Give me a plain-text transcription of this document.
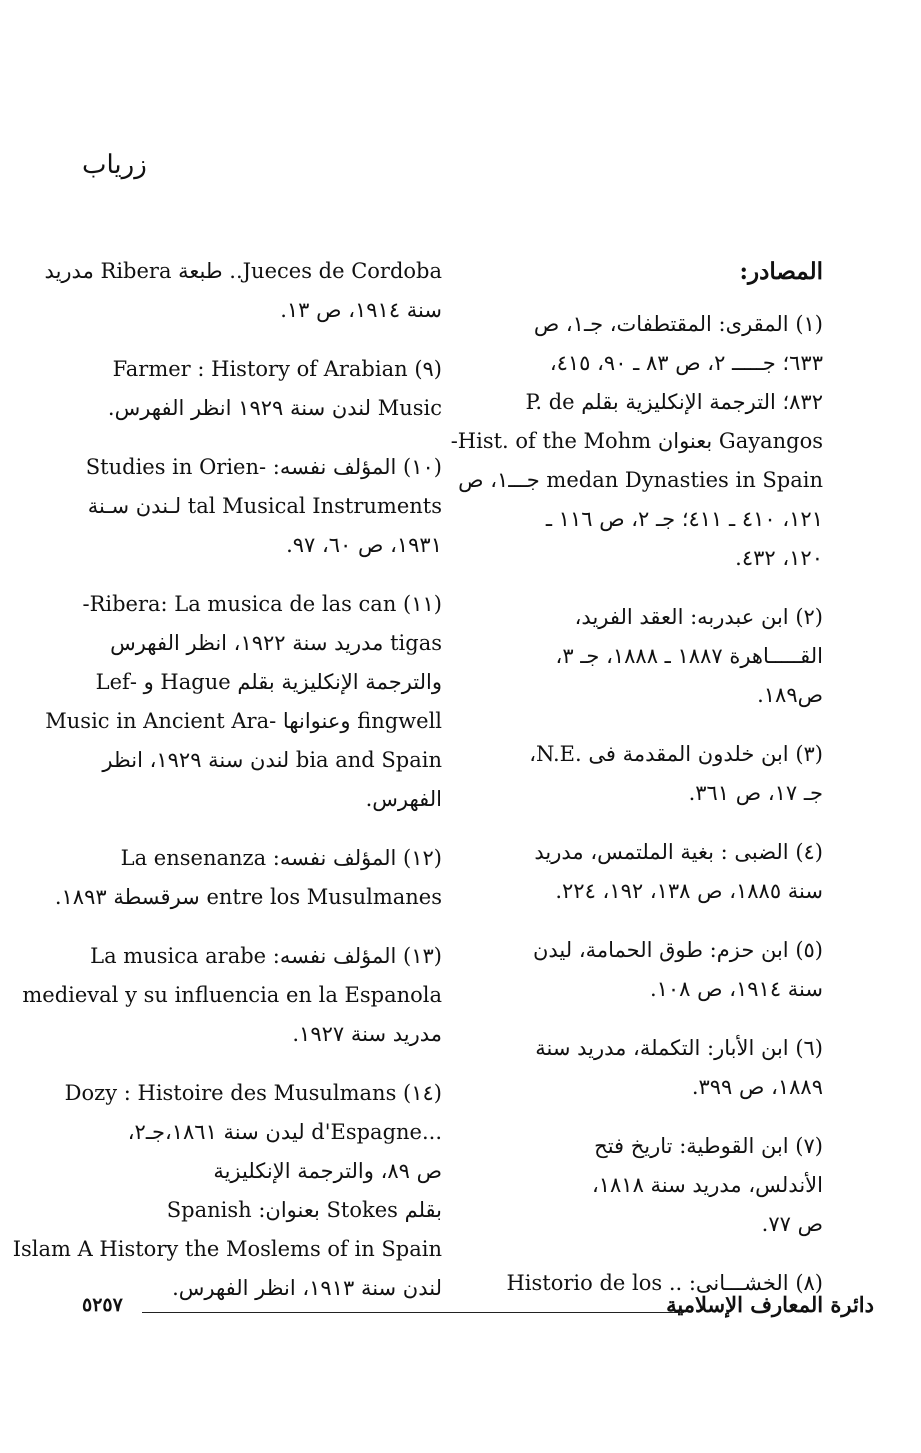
زرياب
المصادر:
(١) المقرى: المقتطفات، جـ١، ص
٦٣٣؛ جـــــ ٢، ص ٨٣ ـ ٩٠، ٤١٥،
٨٣٢؛ الترجمة الإنكليزية بقلم P. de
Gayangos بعنوان Hist. of the Mohm-
medan Dynasties in Spain جـــ١، ص
١٢١، ٤١٠ ـ ٤١١؛ جـ ٢، ص ١١٦ ـ
١٢٠، ٤٣٢.
(٢) ابن عبدربه: العقد الفريد،
القـــــاهرة ١٨٨٧ ـ ١٨٨٨، جـ ٣،
ص١٨٩.
(٣) ابن خلدون المقدمة فى .N.E،
جـ ١٧، ص ٣٦١.
(٤) الضبى : بغية الملتمس، مدريد
سنة ١٨٨٥، ص ١٣٨، ١٩٢، ٢٢٤.
(٥) ابن حزم: طوق الحمامة، ليدن
سنة ١٩١٤، ص ١٠٨.
(٦) ابن الأبار: التكملة، مدريد سنة
١٨٨٩، ص ٣٩٩.
(٧) ابن القوطية: تاريخ فتح
الأندلس، مدريد سنة ١٨١٨،
ص ٧٧.
(٨) الخشـــانى: .. Historio de los
Jueces de Cordoba.. طبعة Ribera مدريد
سنة ١٩١٤، ص ١٣.
(٩) Farmer : History of Arabian
Music لندن سنة ١٩٢٩ انظر الفهرس.
(١٠) المؤلف نفسه: -Studies in Orien
tal Musical Instruments لـندن سـنة
١٩٣١، ص ٦٠، ٩٧.
(١١) Ribera: La musica de las can-
tigas مدريد سنة ١٩٢٢، انظر الفهرس
والترجمة الإنكليزية بقلم Hague و -Lef
fingwell وعنوانها -Music in Ancient Ara
bia and Spain لندن سنة ١٩٢٩، انظر
الفهرس.
(١٢) المؤلف نفسه: La ensenanza
entre los Musulmanes سرقسطة ١٨٩٣.
(١٣) المؤلف نفسه: La musica arabe
medieval y su influencia en la Espanola
مدريد سنة ١٩٢٧.
(١٤) Dozy : Histoire des Musulmans
...d'Espagne ليدن سنة ١٨٦١،جـ٢،
ص ٨٩، والترجمة الإنكليزية
بقلم Stokes بعنوان: Spanish
Islam A History the Moslems of in Spain
لندن سنة ١٩١٣، انظر الفهرس.
٥٢٥٧	دائرة المعارف الإسلامية
